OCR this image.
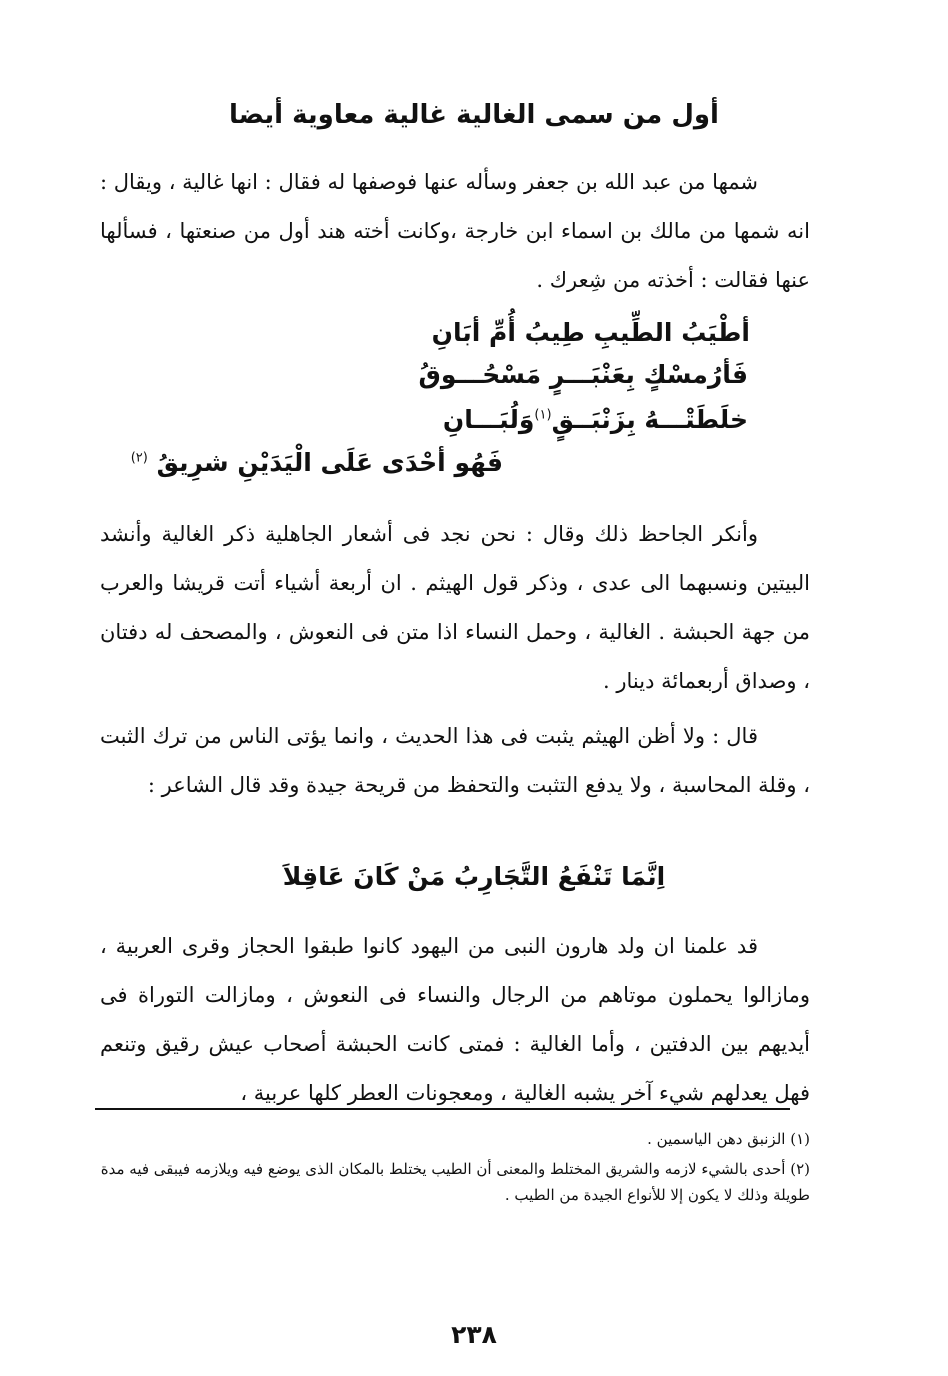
أول من سمى الغالية غالية معاوية أيضا

شمها من عبد الله بن جعفر وسأله عنها فوصفها له فقال : انها غالية ، ويقال : انه شمها من مالك بن اسماء ابن خارجة ،وكانت أخته هند أول من صنعتها ، فسألها عنها فقالت : أخذته من شِعرك .

أطْيَبُ الطِّيبِ طِيبُ أُمِّ أبَانِ
فَأرُمسْكٍ بِعَنْبَـــرٍ مَسْحُـــوقُ
خلَطَتْـــهُ بِزَنْبَــقٍ$^{(١)}$وَلُبَـــانِ
فَهُو أحْدَى عَلَى الْيَدَيْنِ شرِيقُ $^{(٢)}$

وأنكر الجاحظ ذلك وقال : نحن نجد فى أشعار الجاهلية ذكر الغالية وأنشد البيتين ونسبهما الى عدى ، وذكر قول الهيثم . ان أربعة أشياء أتت قريشا والعرب من جهة الحبشة . الغالية ، وحمل النساء اذا متن فى النعوش ، والمصحف له دفتان ، وصداق أربعمائة دينار .

قال : ولا أظن الهيثم يثبت فى هذا الحديث ، وانما يؤتى الناس من ترك الثبت ، وقلة المحاسبة ، ولا يدفع التثبت والتحفظ من قريحة جيدة وقد قال الشاعر :

اِنَّمَا تَنْفَعُ التَّجَارِبُ مَنْ كَانَ عَاقِلاَ

قد علمنا ان ولد هارون النبى من اليهود كانوا طبقوا الحجاز وقرى العربية ، ومازالوا يحملون موتاهم من الرجال والنساء فى النعوش ، ومازالت التوراة فى أيديهم بين الدفتين ، وأما الغالية : فمتى كانت الحبشة أصحاب عيش رقيق وتنعم فهل يعدلهم شيء آخر يشبه الغالية ، ومعجونات العطر كلها عربية ،

(١) الزنبق دهن الياسمين .
(٢) أحدى بالشيء لازمه والشريق المختلط والمعنى أن الطيب يختلط بالمكان الذى يوضع فيه ويلازمه فيبقى فيه مدة طويلة وذلك لا يكون إلا للأنواع الجيدة من الطيب .
٢٣٨
